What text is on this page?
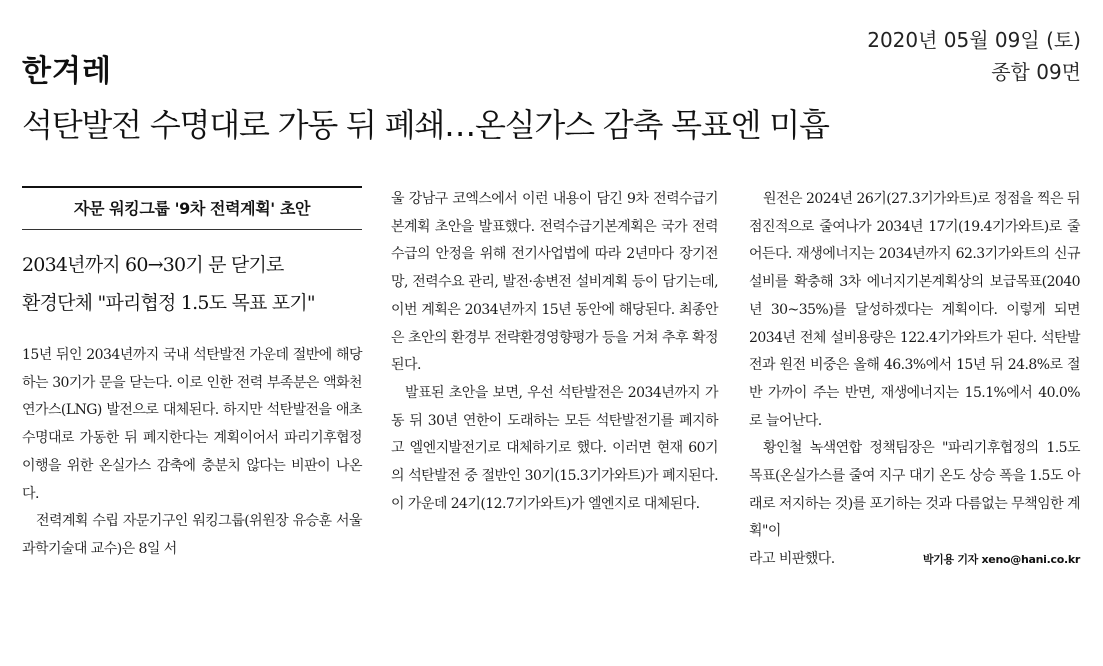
한겨레
2020년 05월 09일 (토)
종합 09면
석탄발전 수명대로 가동 뒤 폐쇄…온실가스 감축 목표엔 미흡
자문 워킹그룹 '9차 전력계획' 초안
2034년까지 60→30기 문 닫기로
환경단체 "파리협정 1.5도 목표 포기"

15년 뒤인 2034년까지 국내 석탄발전 가운데 절반에 해당하는 30기가 문을 닫는다. 이로 인한 전력 부족분은 액화천연가스(LNG) 발전으로 대체된다. 하지만 석탄발전을 애초 수명대로 가동한 뒤 폐지한다는 계획이어서 파리기후협정 이행을 위한 온실가스 감축에 충분치 않다는 비판이 나온다.

전력계획 수립 자문기구인 워킹그룹(위원장 유승훈 서울과학기술대 교수)은 8일 서

울 강남구 코엑스에서 이런 내용이 담긴 9차 전력수급기본계획 초안을 발표했다. 전력수급기본계획은 국가 전력수급의 안정을 위해 전기사업법에 따라 2년마다 장기전망, 전력수요 관리, 발전·송변전 설비계획 등이 담기는데, 이번 계획은 2034년까지 15년 동안에 해당된다. 최종안은 초안의 환경부 전략환경영향평가 등을 거쳐 추후 확정된다.

발표된 초안을 보면, 우선 석탄발전은 2034년까지 가동 뒤 30년 연한이 도래하는 모든 석탄발전기를 폐지하고 엘엔지발전기로 대체하기로 했다. 이러면 현재 60기의 석탄발전 중 절반인 30기(15.3기가와트)가 폐지된다. 이 가운데 24기(12.7기가와트)가 엘엔지로 대체된다.

원전은 2024년 26기(27.3기가와트)로 정점을 찍은 뒤 점진적으로 줄여나가 2034년 17기(19.4기가와트)로 줄어든다. 재생에너지는 2034년까지 62.3기가와트의 신규설비를 확충해 3차 에너지기본계획상의 보급목표(2040년 30~35%)를 달성하겠다는 계획이다. 이렇게 되면 2034년 전체 설비용량은 122.4기가와트가 된다. 석탄발전과 원전 비중은 올해 46.3%에서 15년 뒤 24.8%로 절반 가까이 주는 반면, 재생에너지는 15.1%에서 40.0%로 늘어난다.

황인철 녹색연합 정책팀장은 "파리기후협정의 1.5도 목표(온실가스를 줄여 지구 대기 온도 상승 폭을 1.5도 아래로 저지하는 것)를 포기하는 것과 다름없는 무책임한 계획"이

라고 비판했다.	박기용 기자 xeno@hani.co.kr
